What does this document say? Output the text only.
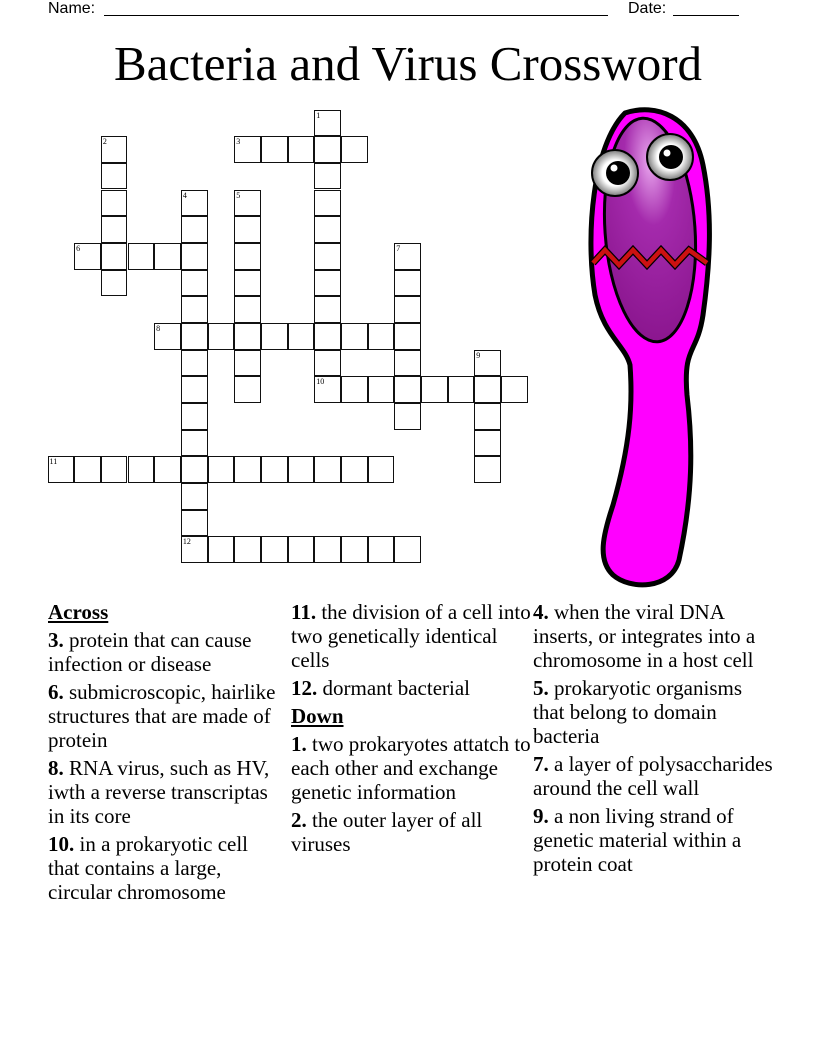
Name:	Date:
Bacteria and Virus Crossword
1
10
2	3
4
12
5
6	7
8
9
11
Across
3. protein that can cause infection or disease
6. submicroscopic, hairlike structures that are made of protein
8. RNA virus, such as HV, iwth a reverse transcriptas in its core
10. in a prokaryotic cell that contains a large, circular chromosome
11. the division of a cell into two genetically identical cells
12. dormant bacterial
Down
1. two prokaryotes attatch to each other and exchange genetic information
2. the outer layer of all viruses
4. when the viral DNA inserts, or integrates into a chromosome in a host cell
5. prokaryotic organisms that belong to domain bacteria
7. a layer of polysaccharides around the cell wall
9. a non living strand of genetic material within a protein coat
